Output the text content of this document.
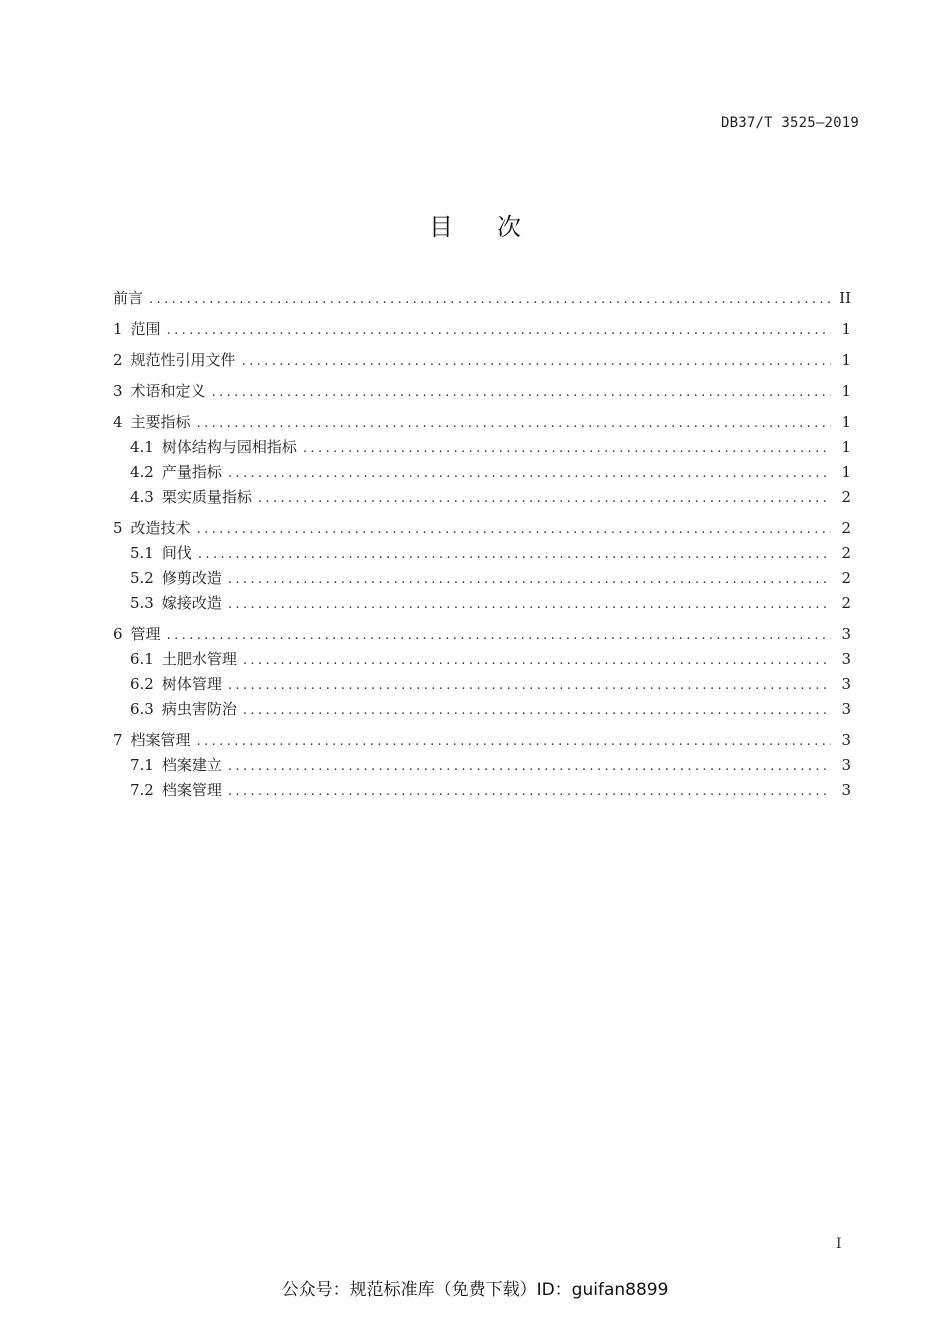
DB37/T 3525—2019
目次
前言 .....	II
1 范围 .....	1
2 规范性引用文件 .....	1
3 术语和定义 .....	1
4 主要指标 .....	1
4.1 树体结构与园相指标 .....	1
4.2 产量指标 .....	1
4.3 栗实质量指标 .....	2
5 改造技术 .....	2
5.1 间伐 .....	2
5.2 修剪改造 .....	2
5.3 嫁接改造 .....	2
6 管理 .....	3
6.1 土肥水管理 .....	3
6.2 树体管理 .....	3
6.3 病虫害防治 .....	3
7 档案管理 .....	3
7.1 档案建立 .....	3
7.2 档案管理 .....	3
I
公众号：规范标准库（免费下载）ID：guifan8899
